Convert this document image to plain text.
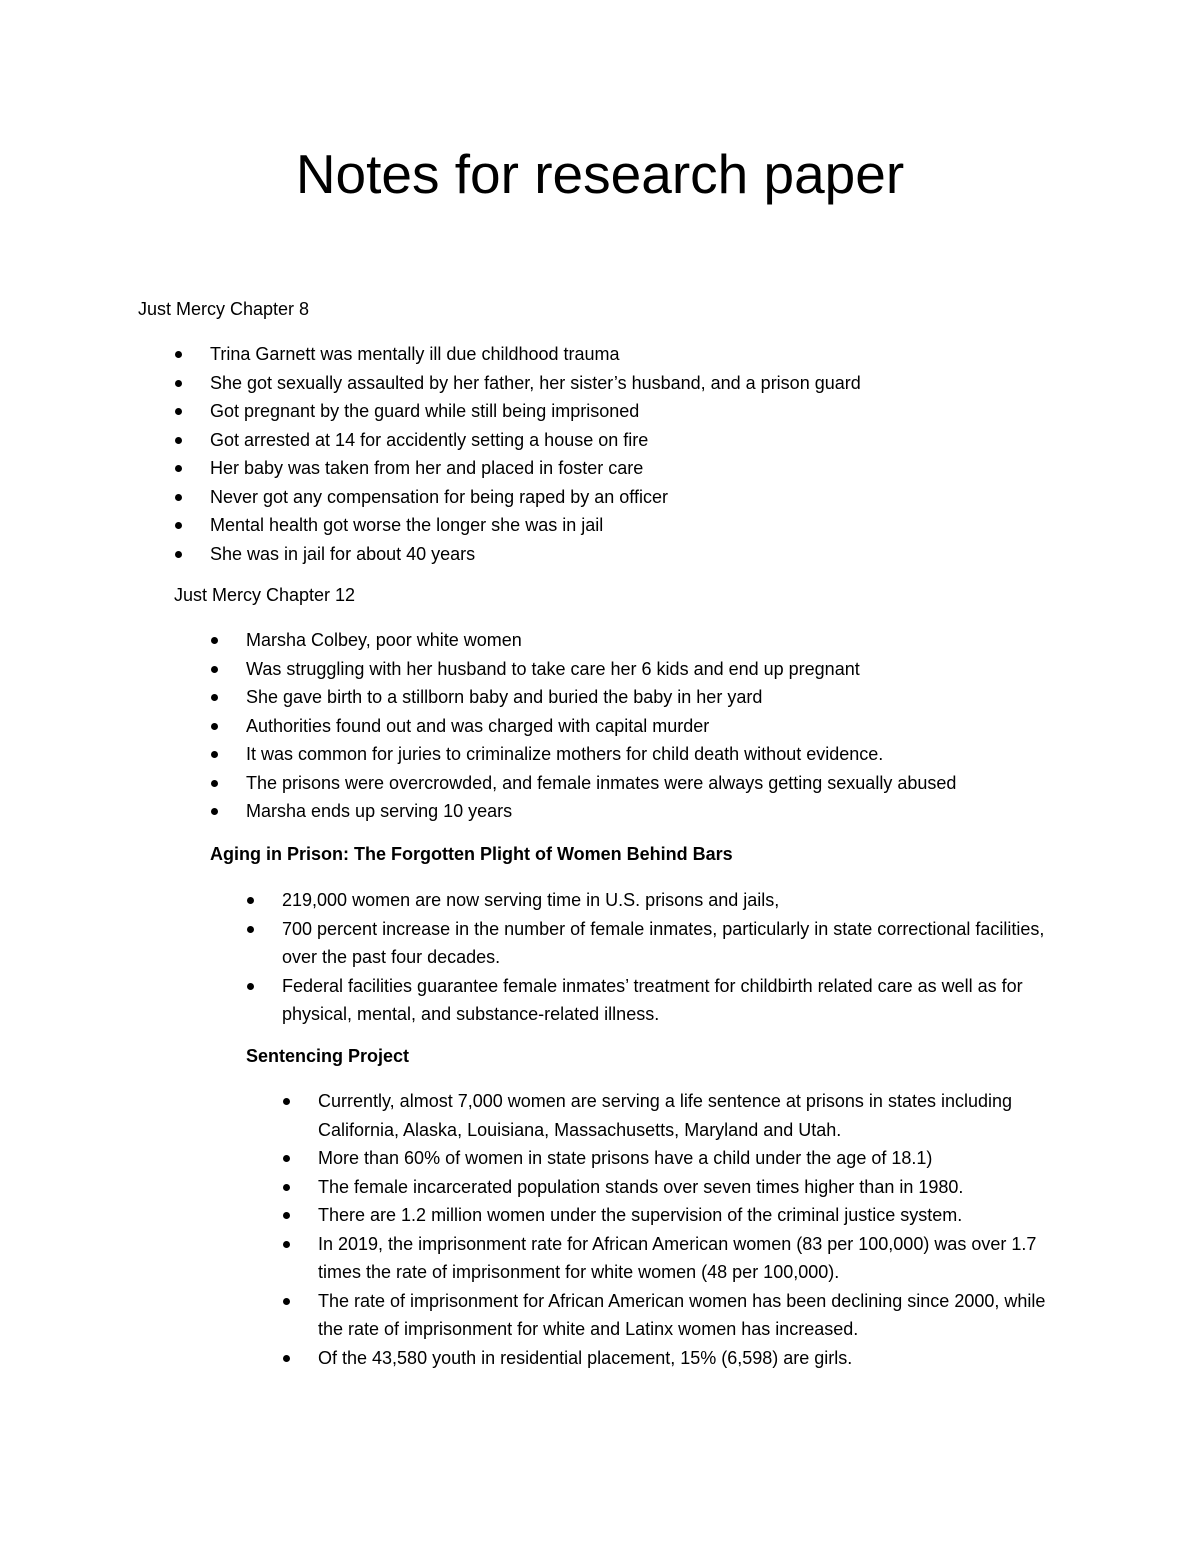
Notes for research paper

Just Mercy Chapter 8

Trina Garnett was mentally ill due childhood trauma
She got sexually assaulted by her father, her sister’s husband, and a prison guard
Got pregnant by the guard while still being imprisoned
Got arrested at 14 for accidently setting a house on fire
Her baby was taken from her and placed in foster care
Never got any compensation for being raped by an officer
Mental health got worse the longer she was in jail
She was in jail for about 40 years

Just Mercy Chapter 12

Marsha Colbey, poor white women
Was struggling with her husband to take care her 6 kids and end up pregnant
She gave birth to a stillborn baby and buried the baby in her yard
Authorities found out and was charged with capital murder
It was common for juries to criminalize mothers for child death without evidence.
The prisons were overcrowded, and female inmates were always getting sexually abused
Marsha ends up serving 10 years

Aging in Prison: The Forgotten Plight of Women Behind Bars

219,000 women are now serving time in U.S. prisons and jails,
700 percent increase in the number of female inmates, particularly in state correctional facilities, over the past four decades.
Federal facilities guarantee female inmates’ treatment for childbirth related care as well as for physical, mental, and substance-related illness.

Sentencing Project

Currently, almost 7,000 women are serving a life sentence at prisons in states including California, Alaska, Louisiana, Massachusetts, Maryland and Utah.
More than 60% of women in state prisons have a child under the age of 18.1)
The female incarcerated population stands over seven times higher than in 1980.
There are 1.2 million women under the supervision of the criminal justice system.
In 2019, the imprisonment rate for African American women (83 per 100,000) was over 1.7 times the rate of imprisonment for white women (48 per 100,000).
The rate of imprisonment for African American women has been declining since 2000, while the rate of imprisonment for white and Latinx women has increased.
Of the 43,580 youth in residential placement, 15% (6,598) are girls.
